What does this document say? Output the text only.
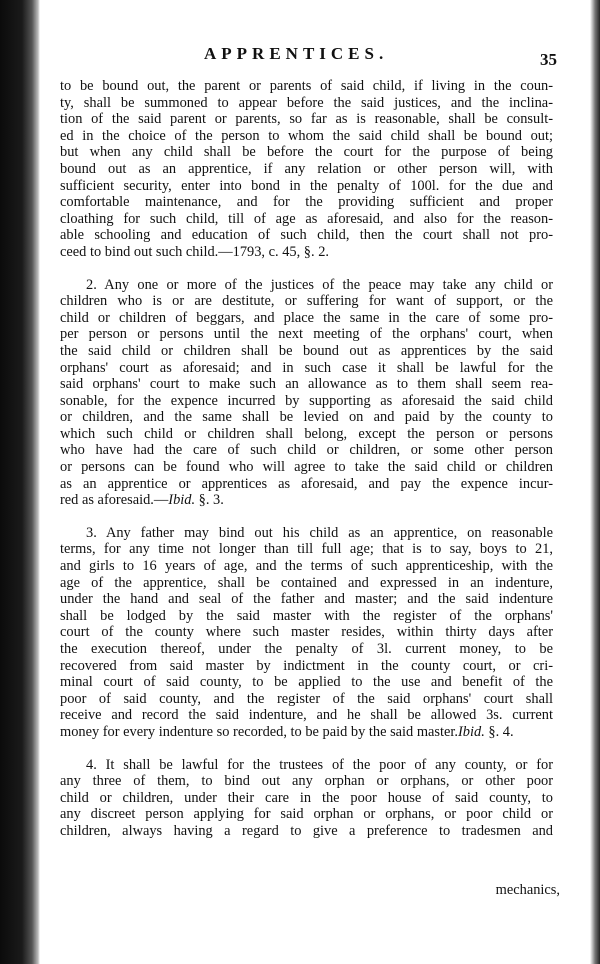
APPRENTICES.	35
to be bound out, the parent or parents of said child, if living in the coun-
ty, shall be summoned to appear before the said justices, and the inclina-
tion of the said parent or parents, so far as is reasonable, shall be consult-
ed in the choice of the person to whom the said child shall be bound out;
but when any child shall be before the court for the purpose of being
bound out as an apprentice, if any relation or other person will, with
sufficient security, enter into bond in the penalty of 100l. for the due and
comfortable maintenance, and for the providing sufficient and proper
cloathing for such child, till of age as aforesaid, and also for the reason-
able schooling and education of such child, then the court shall not pro-
ceed to bind out such child.—1793, c. 45, §. 2.
2. Any one or more of the justices of the peace may take any child or
children who is or are destitute, or suffering for want of support, or the
child or children of beggars, and place the same in the care of some pro-
per person or persons until the next meeting of the orphans' court, when
the said child or children shall be bound out as apprentices by the said
orphans' court as aforesaid; and in such case it shall be lawful for the
said orphans' court to make such an allowance as to them shall seem rea-
sonable, for the expence incurred by supporting as aforesaid the said child
or children, and the same shall be levied on and paid by the county to
which such child or children shall belong, except the person or persons
who have had the care of such child or children, or some other person
or persons can be found who will agree to take the said child or children
as an apprentice or apprentices as aforesaid, and pay the expence incur-
red as aforesaid.—Ibid. §. 3.
3. Any father may bind out his child as an apprentice, on reasonable
terms, for any time not longer than till full age; that is to say, boys to 21,
and girls to 16 years of age, and the terms of such apprenticeship, with the
age of the apprentice, shall be contained and expressed in an indenture,
under the hand and seal of the father and master; and the said indenture
shall be lodged by the said master with the register of the orphans'
court of the county where such master resides, within thirty days after
the execution thereof, under the penalty of 3l. current money, to be
recovered from said master by indictment in the county court, or cri-
minal court of said county, to be applied to the use and benefit of the
poor of said county, and the register of the said orphans' court shall
receive and record the said indenture, and he shall be allowed 3s. current
money for every indenture so recorded, to be paid by the said master.Ibid. §. 4.
4. It shall be lawful for the trustees of the poor of any county, or for
any three of them, to bind out any orphan or orphans, or other poor
child or children, under their care in the poor house of said county, to
any discreet person applying for said orphan or orphans, or poor child or
children, always having a regard to give a preference to tradesmen and
mechanics,
